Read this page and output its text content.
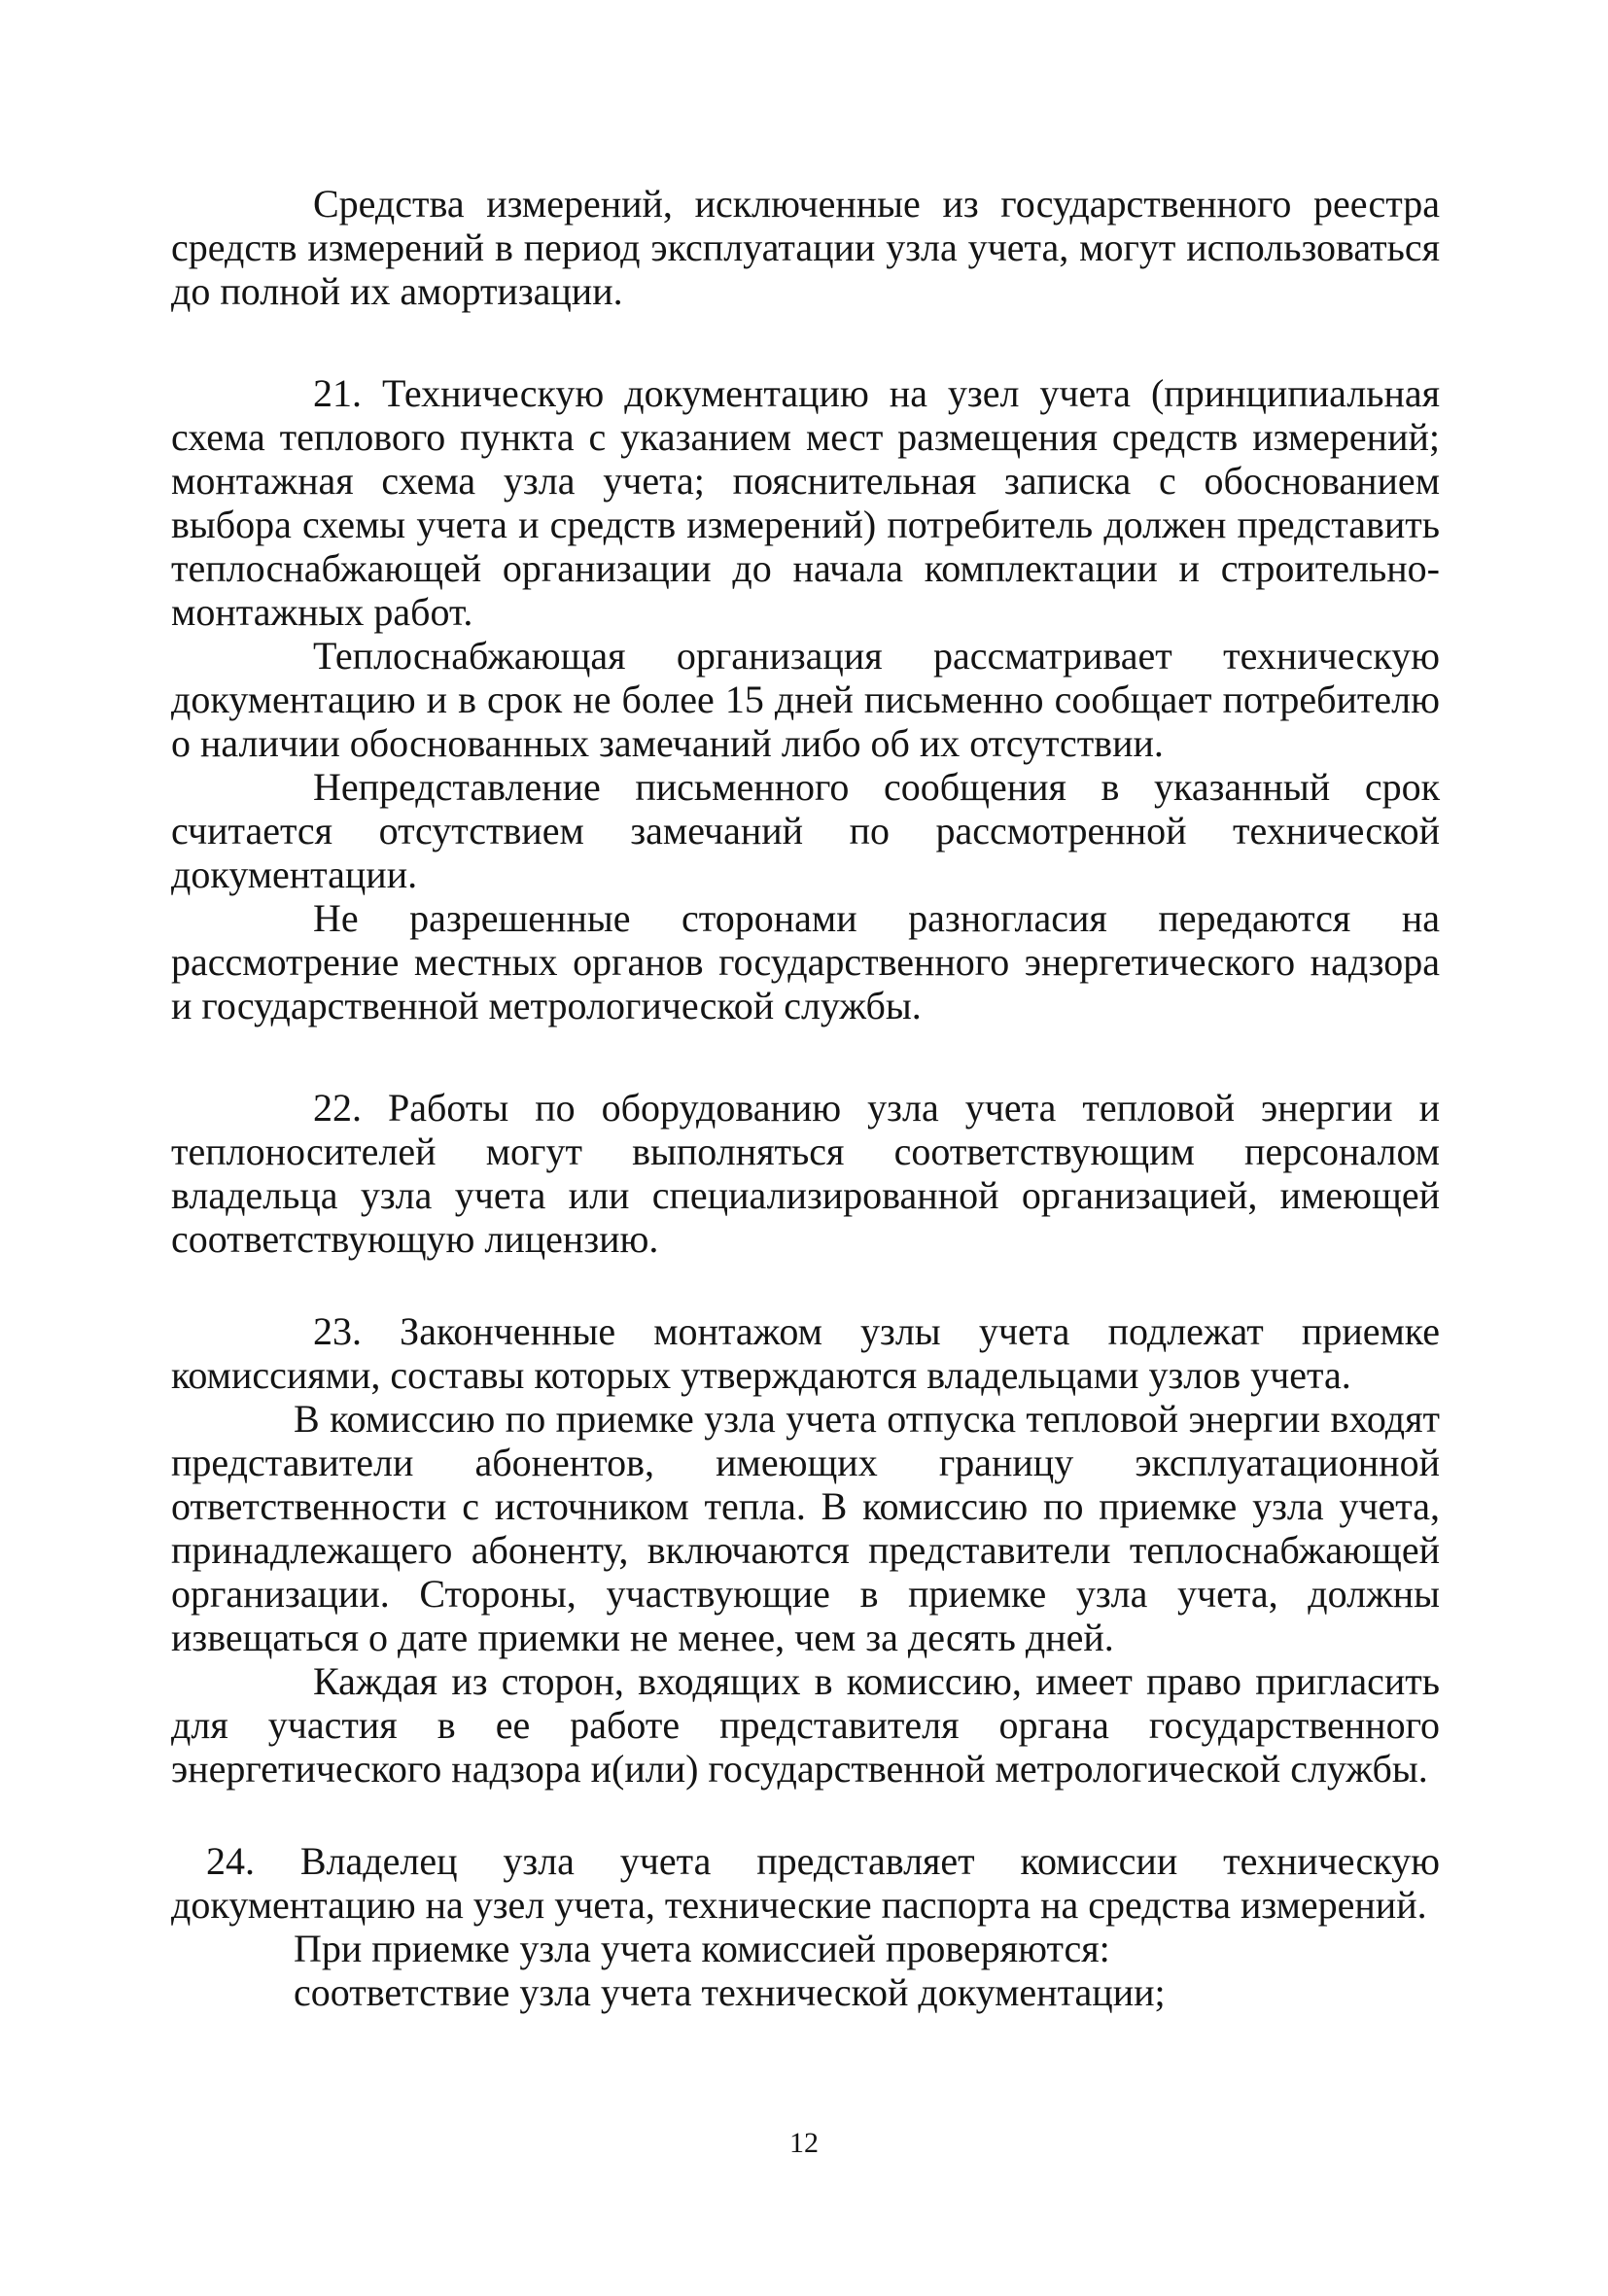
Средства измерений, исключенные из государственного реестра средств измерений в период эксплуатации узла учета, могут использоваться до полной их амортизации.

21. Техническую документацию на узел учета (принципиальная схема теплового пункта с указанием мест размещения средств измерений; монтажная схема узла учета; пояснительная записка с обоснованием выбора схемы учета и средств измерений) потребитель должен представить теплоснабжающей организации до начала комплектации и строительно-монтажных работ.

Теплоснабжающая организация рассматривает техническую документацию и в срок не более 15 дней письменно сообщает потребителю о наличии обоснованных замечаний либо об их отсутствии.

Непредставление письменного сообщения в указанный срок считается отсутствием замечаний по рассмотренной технической документации.

Не разрешенные сторонами разногласия передаются на рассмотрение местных органов государственного энергетического надзора и государственной метрологической службы.

22. Работы по оборудованию узла учета тепловой энергии и теплоносителей могут выполняться соответствующим персоналом владельца узла учета или специализированной организацией, имеющей соответствующую лицензию.

23. Законченные монтажом узлы учета подлежат приемке комиссиями, составы которых утверждаются владельцами узлов учета.

В комиссию по приемке узла учета отпуска тепловой энергии входят представители абонентов, имеющих границу эксплуатационной ответственности с источником тепла. В комиссию по приемке узла учета, принадлежащего абоненту, включаются представители теплоснабжающей организации. Стороны, участвующие в приемке узла учета, должны извещаться о дате приемки не менее, чем за десять дней.

Каждая из сторон, входящих в комиссию, имеет право пригласить для участия в ее работе представителя органа государственного энергетического надзора и(или) государственной метрологической службы.

24. Владелец узла учета представляет комиссии техническую документацию на узел учета, технические паспорта на средства измерений.

При приемке узла учета комиссией проверяются:

соответствие узла учета технической документации;

12
